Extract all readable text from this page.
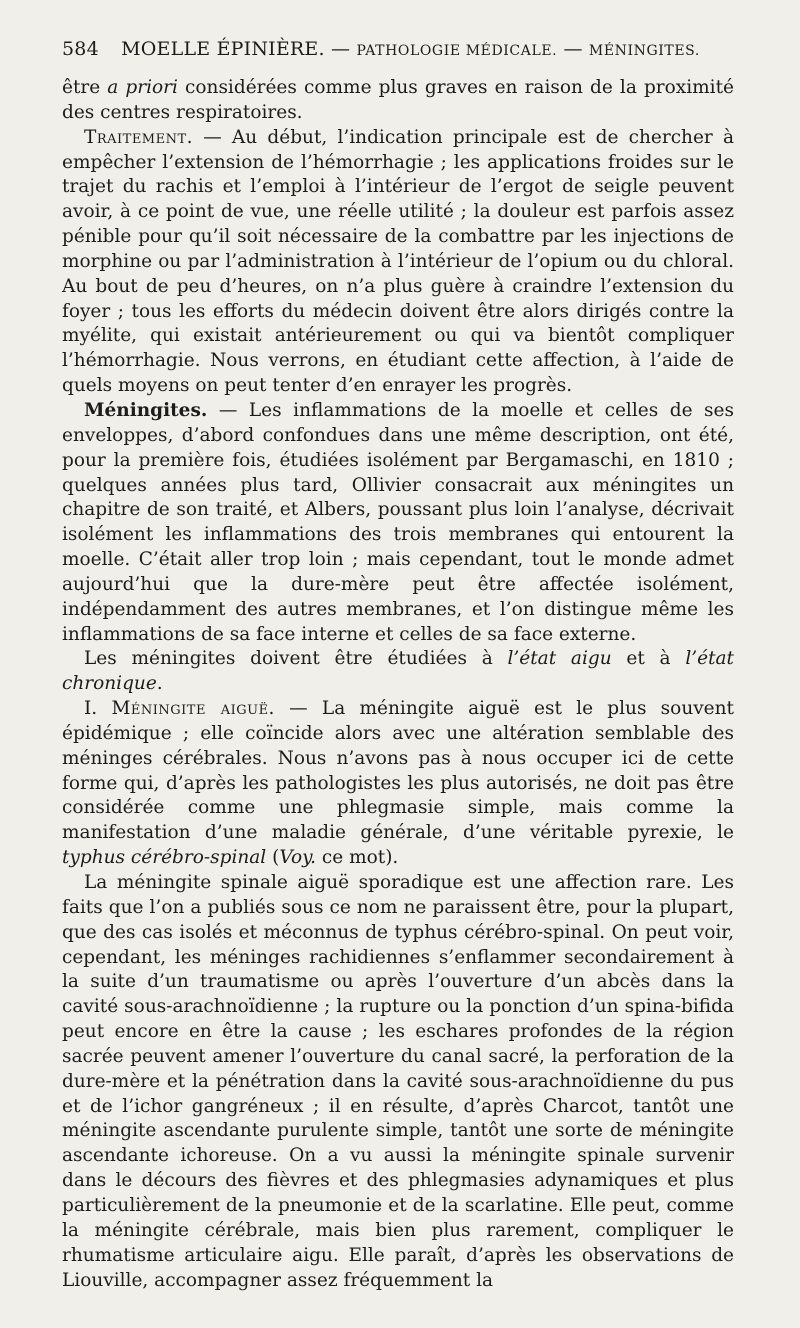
584 MOELLE ÉPINIÈRE. — PATHOLOGIE MÉDICALE. — MÉNINGITES.

être a priori considérées comme plus graves en raison de la proximité des centres respiratoires.

Traitement. — Au début, l’indication principale est de chercher à empêcher l’extension de l’hémorrhagie ; les applications froides sur le trajet du rachis et l’emploi à l’intérieur de l’ergot de seigle peuvent avoir, à ce point de vue, une réelle utilité ; la douleur est parfois assez pénible pour qu’il soit nécessaire de la combattre par les injections de morphine ou par l’administration à l’intérieur de l’opium ou du chloral. Au bout de peu d’heures, on n’a plus guère à craindre l’extension du foyer ; tous les efforts du médecin doivent être alors dirigés contre la myélite, qui existait antérieurement ou qui va bientôt compliquer l’hémorrhagie. Nous verrons, en étudiant cette affection, à l’aide de quels moyens on peut tenter d’en enrayer les progrès.

Méningites. — Les inflammations de la moelle et celles de ses enveloppes, d’abord confondues dans une même description, ont été, pour la première fois, étudiées isolément par Bergamaschi, en 1810 ; quelques années plus tard, Ollivier consacrait aux méningites un chapitre de son traité, et Albers, poussant plus loin l’analyse, décrivait isolément les inflammations des trois membranes qui entourent la moelle. C’était aller trop loin ; mais cependant, tout le monde admet aujourd’hui que la dure-mère peut être affectée isolément, indépendamment des autres membranes, et l’on distingue même les inflammations de sa face interne et celles de sa face externe.

Les méningites doivent être étudiées à l’état aigu et à l’état chronique.

I. Méningite aiguë. — La méningite aiguë est le plus souvent épidémique ; elle coïncide alors avec une altération semblable des méninges cérébrales. Nous n’avons pas à nous occuper ici de cette forme qui, d’après les pathologistes les plus autorisés, ne doit pas être considérée comme une phlegmasie simple, mais comme la manifestation d’une maladie générale, d’une véritable pyrexie, le typhus cérébro-spinal (Voy. ce mot).

La méningite spinale aiguë sporadique est une affection rare. Les faits que l’on a publiés sous ce nom ne paraissent être, pour la plupart, que des cas isolés et méconnus de typhus cérébro-spinal. On peut voir, cependant, les méninges rachidiennes s’enflammer secondairement à la suite d’un traumatisme ou après l’ouverture d’un abcès dans la cavité sous-arachnoïdienne ; la rupture ou la ponction d’un spina-bifida peut encore en être la cause ; les eschares profondes de la région sacrée peuvent amener l’ouverture du canal sacré, la perforation de la dure-mère et la pénétration dans la cavité sous-arachnoïdienne du pus et de l’ichor gangréneux ; il en résulte, d’après Charcot, tantôt une méningite ascendante purulente simple, tantôt une sorte de méningite ascendante ichoreuse. On a vu aussi la méningite spinale survenir dans le décours des fièvres et des phlegmasies adynamiques et plus particulièrement de la pneumonie et de la scarlatine. Elle peut, comme la méningite cérébrale, mais bien plus rarement, compliquer le rhumatisme articulaire aigu. Elle paraît, d’après les observations de Liouville, accompagner assez fréquemment la
